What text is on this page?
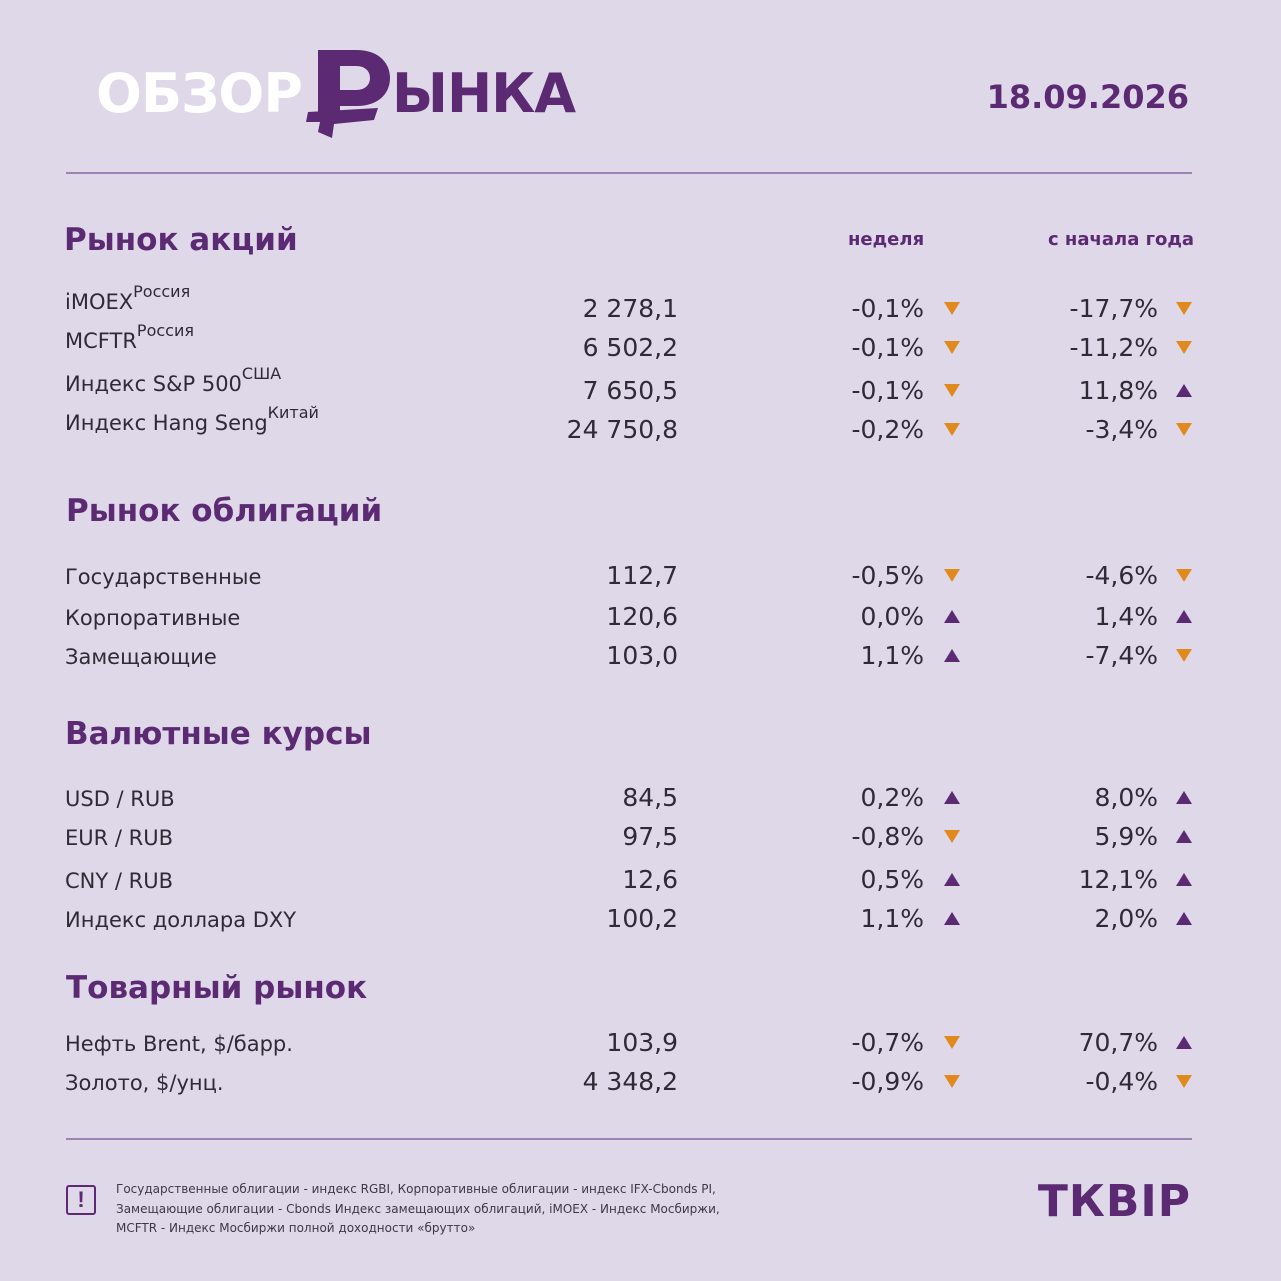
ОБЗОР ЫНКА	18.09.2026
неделя	с начала года
Рынок акций
iMOEX$^{Россия}$
2 278,1	-0,1%	-17,7%
$MCFTR^{Россия}$
6 502,2	-0,1%	-11,2%
Индекс S&P $500^{США}$
7 650,5	-0,1%	11,8%
Индекс Hang Seng$^{Китай}$
24 750,8	-0,2%	-3,4%
Рынок облигаций
Государственные	112,7	-0,5%	-4,6%
Корпоративные	120,6	0,0%	1,4%
Замещающие	103,0	1,1%	-7,4%
Валютные курсы
USD / RUB	84,5	0,2%	8,0%
EUR / RUB	97,5	-0,8%	5,9%
CNY / RUB	12,6	0,5%	12,1%
Индекс доллара DXY	100,2	1,1%	2,0%
Товарный рынок
Нефть Brent, $/барр.	103,9	-0,7%	70,7%
Золото, $/унц.	4 348,2	-0,9%	-0,4%
!	Государственные облигации - индекс RGBI, Корпоративные облигации - индекс IFX-Cbonds PI,
Замещающие облигации - Cbonds Индекс замещающих облигаций, iMOEX - Индекс Мосбиржи,
MCFTR - Индекс Мосбиржи полной доходности «брутто»
ТКВIР
